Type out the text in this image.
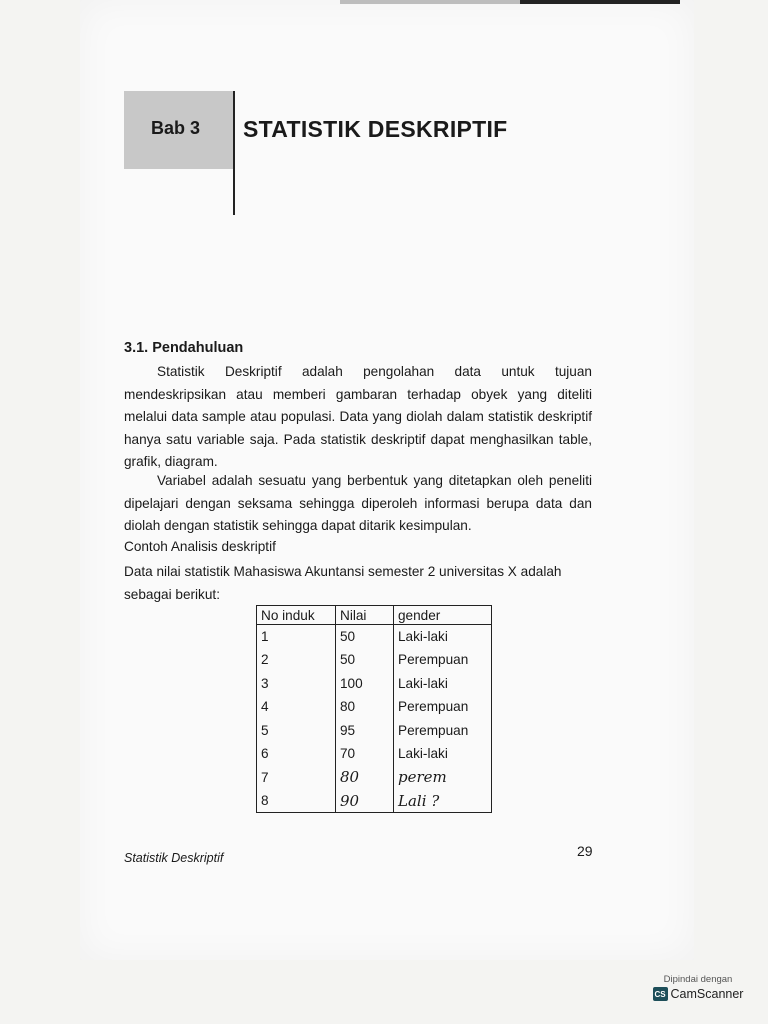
Bab 3 STATISTIK DESKRIPTIF
3.1. Pendahuluan
Statistik Deskriptif adalah pengolahan data untuk tujuan mendeskripsikan atau memberi gambaran terhadap obyek yang diteliti melalui data sample atau populasi. Data yang diolah dalam statistik deskriptif hanya satu variable saja. Pada statistik deskriptif dapat menghasilkan table, grafik, diagram.
Variabel adalah sesuatu yang berbentuk yang ditetapkan oleh peneliti dipelajari dengan seksama sehingga diperoleh informasi berupa data dan diolah dengan statistik sehingga dapat ditarik kesimpulan.
Contoh Analisis deskriptif
Data nilai statistik Mahasiswa Akuntansi semester 2 universitas X adalah sebagai berikut:
No induk	Nilai	gender
1	50	Laki-laki
2	50	Perempuan
3	100	Laki-laki
4	80	Perempuan
5	95	Perempuan
6	70	Laki-laki
7	80	perem
8	90	Lali ?
Statistik Deskriptif	29
Dipindai dengan
CS CamScanner
